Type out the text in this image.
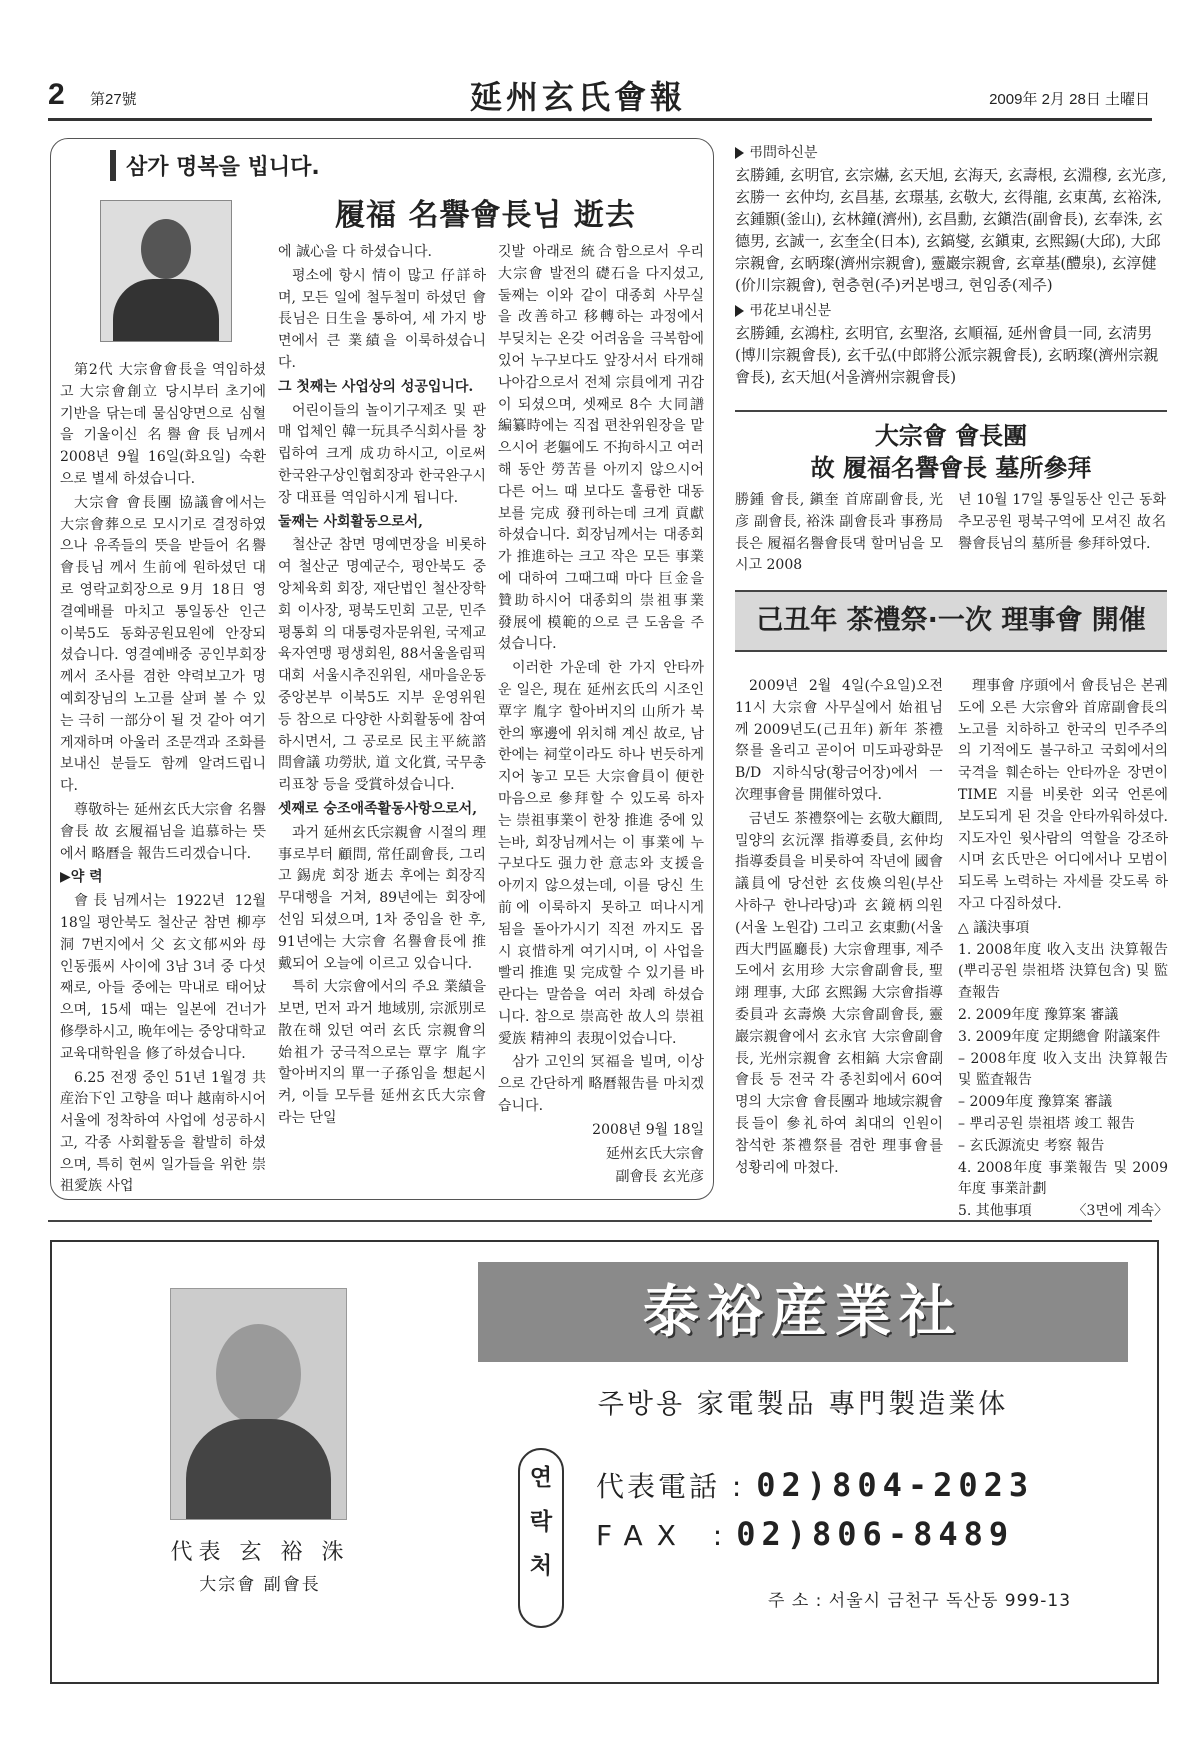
2 第27號	延州玄氏會報	2009年 2月 28日 土曜日
삼가 명복을 빕니다.
履福 名譽會長님 逝去

第2代 大宗會會長을 역임하셨고 大宗會創立 당시부터 초기에 기반을 닦는데 물심양면으로 심혈을 기울이신 名譽會長님께서 2008년 9월 16일(화요일) 숙환으로 별세 하셨습니다.

大宗會 會長團 協議會에서는 大宗會葬으로 모시기로 결정하였으나 유족들의 뜻을 받들어 名譽會長님 께서 生前에 원하셨던 대로 영락교회장으로 9月 18日 영결예배를 마치고 통일동산 인근 이북5도 동화공원묘원에 안장되셨습니다. 영결예배중 공인부회장께서 조사를 겸한 약력보고가 명예회장님의 노고를 살펴 볼 수 있는 극히 一部分이 될 것 같아 여기 게재하며 아울러 조문객과 조화를 보내신 분들도 함께 알려드립니다.

尊敬하는 延州玄氏大宗會 名譽會長 故 玄履福님을 追慕하는 뜻에서 略曆을 報告드리겠습니다.

▶약 력

會長님께서는 1922년 12월 18일 평안북도 철산군 참면 柳亭洞 7번지에서 父 玄文郁씨와 母 인동張씨 사이에 3남 3녀 중 다섯째로, 아들 중에는 막내로 태어났으며, 15세 때는 일본에 건너가 修學하시고, 晩年에는 중앙대학교 교육대학원을 修了하셨습니다.

6.25 전쟁 중인 51년 1월경 共産治下인 고향을 떠나 越南하시어 서울에 정착하여 사업에 성공하시고, 각종 사회활동을 활발히 하셨으며, 특히 현씨 일가들을 위한 崇祖愛族 사업

에 誠心을 다 하셨습니다.

평소에 항시 情이 많고 仔詳하며, 모든 일에 철두철미 하셨던 會長님은 日生을 통하여, 세 가지 방면에서 큰 業績을 이룩하셨습니다.

그 첫째는 사업상의 성공입니다.

어린이들의 놀이기구제조 및 판매 업체인 韓一玩具주식회사를 창립하여 크게 成功하시고, 이로써 한국완구상인협회장과 한국완구시장 대표를 역임하시게 됩니다.

둘째는 사회활동으로서,

철산군 참면 명예면장을 비롯하여 철산군 명예군수, 평안북도 중앙체육회 회장, 재단법인 철산장학회 이사장, 평북도민회 고문, 민주평통회 의 대통령자문위원, 국제교육자연맹 평생회원, 88서울올림픽대회 서울시추진위원, 새마을운동 중앙본부 이북5도 지부 운영위원등 참으로 다양한 사회활동에 참여하시면서, 그 공로로 民主平統諮問會議 功勞狀, 道 文化賞, 국무총리표창 등을 受賞하셨습니다.

셋째로 숭조애족활동사항으로서,

과거 延州玄氏宗親會 시절의 理事로부터 顧問, 常任副會長, 그리고 錫虎 회장 逝去 후에는 회장직무대행을 거쳐, 89년에는 회장에 선임 되셨으며, 1차 중임을 한 후, 91년에는 大宗會 名譽會長에 推戴되어 오늘에 이르고 있습니다.

특히 大宗會에서의 주요 業績을 보면, 먼저 과거 地域別, 宗派別로 散在해 있던 여러 玄氏 宗親會의 始祖가 궁극적으로는 覃字 胤字 할아버지의 單一子孫임을 想起시켜, 이들 모두를 延州玄氏大宗會라는 단일

깃발 아래로 統合함으로서 우리 大宗會 발전의 礎石을 다지셨고, 둘째는 이와 같이 대종회 사무실을 改善하고 移轉하는 과정에서 부딪치는 온갖 어려움을 극복함에 있어 누구보다도 앞장서서 타개해 나아감으로서 전체 宗員에게 귀감이 되셨으며, 셋째로 8수 大同譜 編纂時에는 직접 편찬위원장을 맡으시어 老軀에도 不拘하시고 여러 해 동안 勞苦를 아끼지 않으시어 다른 어느 때 보다도 훌륭한 대동보를 完成 發刊하는데 크게 貢獻하셨습니다. 회장님께서는 대종회가 推進하는 크고 작은 모든 事業에 대하여 그때그때 마다 巨金을 贊助하시어 대종회의 崇祖事業 發展에 模範的으로 큰 도움을 주셨습니다.

이러한 가운데 한 가지 안타까운 일은, 現在 延州玄氏의 시조인 覃字 胤字 할아버지의 山所가 북한의 寧邊에 위치해 계신 故로, 남한에는 祠堂이라도 하나 번듯하게 지어 놓고 모든 大宗會員이 便한 마음으로 參拜할 수 있도록 하자는 崇祖事業이 한창 推進 중에 있는바, 회장님께서는 이 事業에 누구보다도 强力한 意志와 支援을 아끼지 않으셨는데, 이를 당신 生前에 이룩하지 못하고 떠나시게 됨을 돌아가시기 직전 까지도 몹시 哀惜하게 여기시며, 이 사업을 빨리 推進 및 完成할 수 있기를 바란다는 말씀을 여러 차례 하셨습니다. 참으로 崇高한 故人의 崇祖愛族 精神의 表現이었습니다.

삼가 고인의 冥福을 빌며, 이상으로 간단하게 略曆報告를 마치겠습니다.

2008년 9월 18일

延州玄氏大宗會

副會長 玄光彦

弔問하신분
玄勝鍾, 玄明官, 玄宗爀, 玄天旭, 玄海天, 玄壽根, 玄淵穆, 玄光彦, 玄勝一 玄仲均, 玄昌基, 玄璟基, 玄敬大, 玄得龍, 玄東萬, 玄裕洙, 玄鍾顥(釜山), 玄林鐘(濟州), 玄昌勳, 玄鎭浩(副會長), 玄奉洙, 玄德男, 玄誠一, 玄奎全(日本), 玄鎬燮, 玄鎭東, 玄熙錫(大邱), 大邱宗親會, 玄昞璨(濟州宗親會), 靈巖宗親會, 玄章基(醴泉), 玄淳健(价川宗親會), 현층현(주)커본뱅크, 현임종(제주)
弔花보내신분
玄勝鍾, 玄鴻柱, 玄明官, 玄聖洛, 玄順福, 延州會員一同, 玄淸男(博川宗親會長), 玄千弘(中郎將公派宗親會長), 玄昞璨(濟州宗親會長), 玄天旭(서울濟州宗親會長)
大宗會 會長團
故 履福名譽會長 墓所參拜
勝鍾 會長, 鎭奎 首席副會長, 光彦 副會長, 裕洙 副會長과 事務局長은 履福名譽會長댁 할머님을 모시고 2008
년 10월 17일 통일동산 인근 동화추모공원 평북구역에 모셔진 故名譽會長님의 墓所를 參拜하였다.
己丑年 茶禮祭·一次 理事會 開催

2009년 2월 4일(수요일)오전 11시 大宗會 사무실에서 始祖님께 2009년도(己丑年) 新年 茶禮祭를 올리고 곧이어 미도파광화문 B/D 지하식당(황금어장)에서 一次理事會를 開催하였다.

금년도 茶禮祭에는 玄敬大顧問, 밀양의 玄沅澤 指導委員, 玄仲均 指導委員을 비롯하여 작년에 國會議員에 당선한 玄伎煥의원(부산 사하구 한나라당)과 玄鏡柄의원(서울 노원갑) 그리고 玄東勳(서울西大門區廳長) 大宗會理事, 제주도에서 玄用珍 大宗會副會長, 聖翊 理事, 大邱 玄熙錫 大宗會指導委員과 玄壽煥 大宗會副會長, 靈巖宗親會에서 玄永官 大宗會副會長, 光州宗親會 玄相鎬 大宗會副會長 등 전국 각 종친회에서 60여명의 大宗會 會長團과 地域宗親會長들이 參礼하여 최대의 인원이 참석한 茶禮祭를 겸한 理事會를 성황리에 마쳤다.

理事會 序頭에서 會長님은 본궤도에 오른 大宗會와 首席副會長의 노고를 치하하고 한국의 민주주의의 기적에도 불구하고 국회에서의 국격을 훼손하는 안타까운 장면이 TIME 지를 비롯한 외국 언론에 보도되게 된 것을 안타까워하셨다. 지도자인 윗사람의 역할을 강조하시며 玄氏만은 어디에서나 모범이 되도록 노력하는 자세를 갖도록 하자고 다짐하셨다.

△ 議決事項
1. 2008年度 收入支出 決算報告(뿌리공원 崇祖塔 決算包含) 및 監查報告
2. 2009年度 豫算案 審議
3. 2009年度 定期總會 附議案件
– 2008年度 收入支出 決算報告 및 監査報告
– 2009年度 豫算案 審議
– 뿌리공원 崇祖塔 竣工 報告
– 玄氏源流史 考察 報告
4. 2008年度 事業報告 및 2009年度 事業計劃
5. 其他事項	〈3면에 계속〉
代表 玄 裕 洙
大宗會 副會長
泰裕産業社
주방용 家電製品 專門製造業体
연
락
처
代表電話 : 02)804-2023
FAX :02)806-8489
주 소 : 서울시 금천구 독산동 999-13
